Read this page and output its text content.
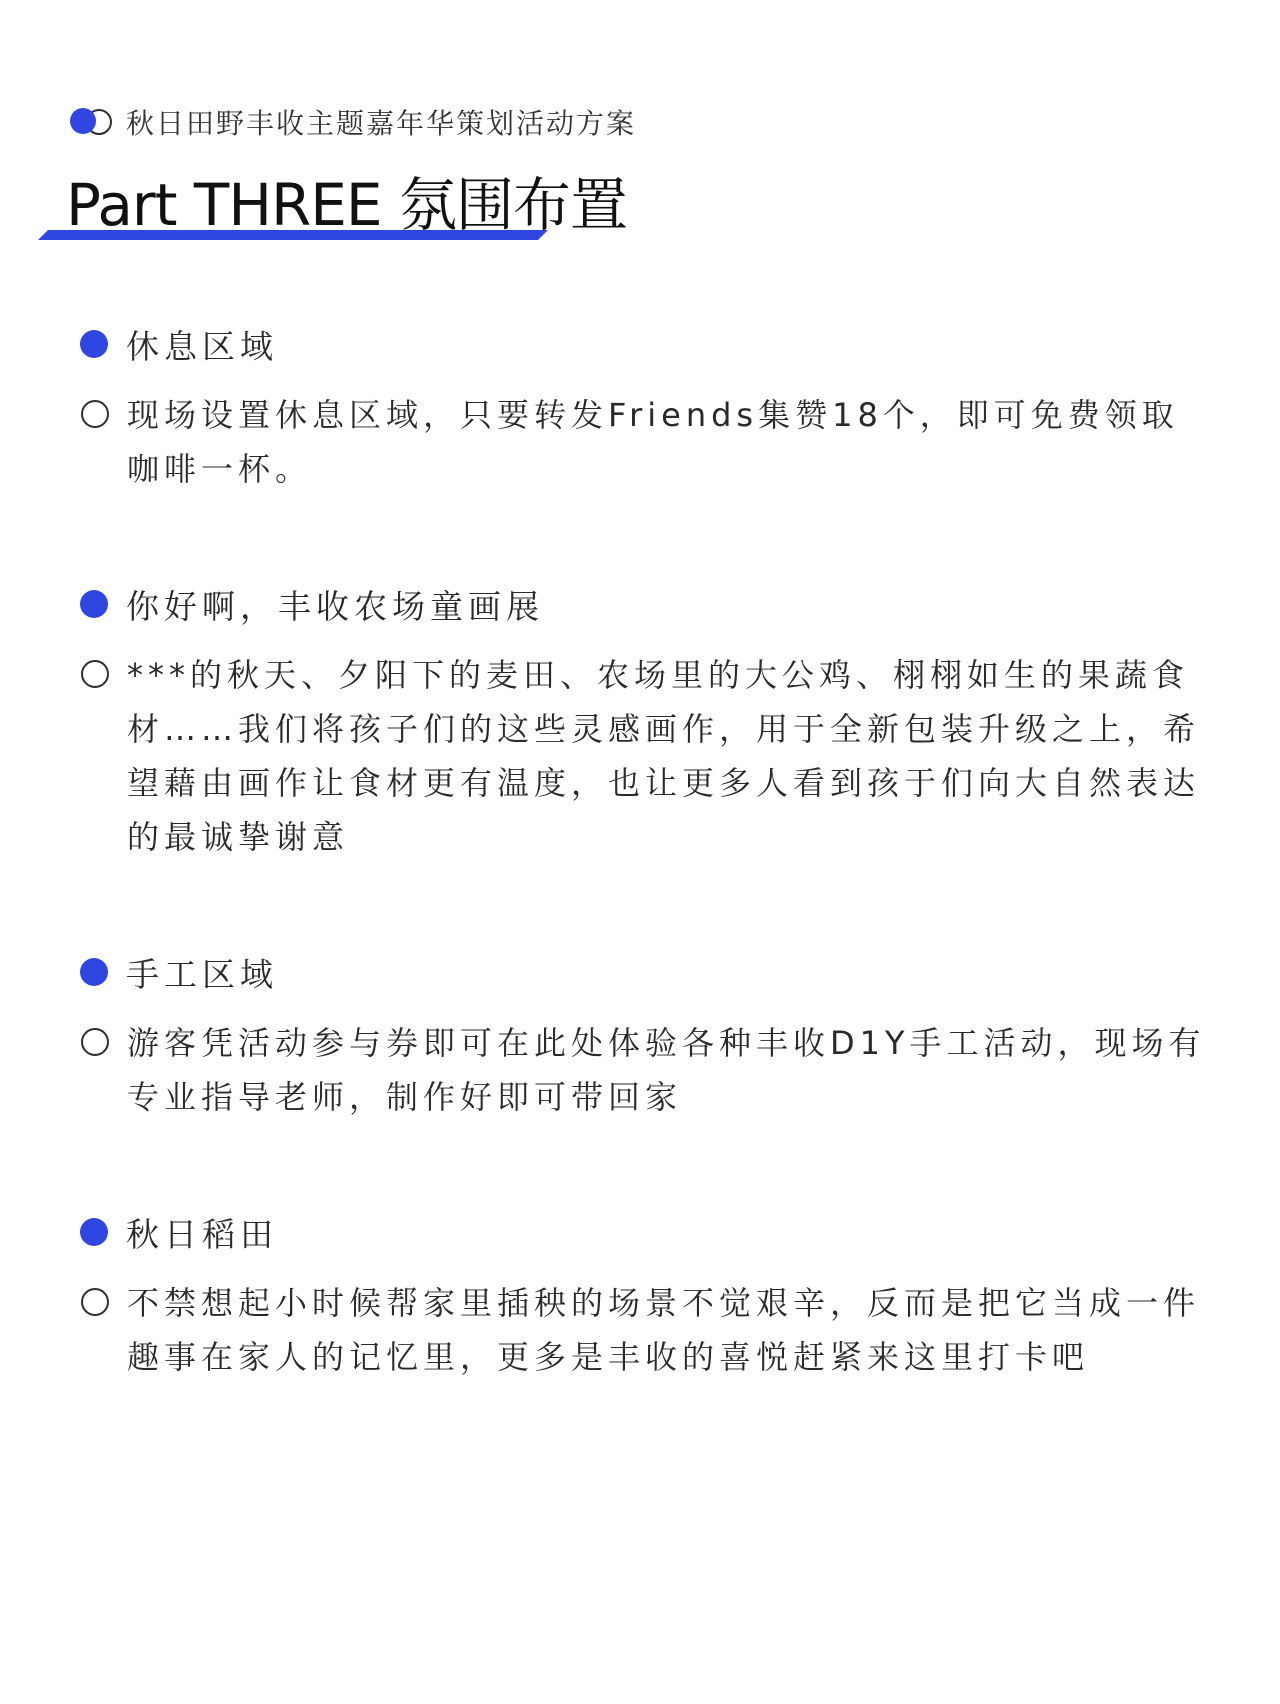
秋日田野丰收主题嘉年华策划活动方案
Part THREE 氛围布置
休息区域
现场设置休息区域，只要转发Friends集赞18个，即可免费领取咖啡一杯。
你好啊，丰收农场童画展
***的秋天、夕阳下的麦田、农场里的大公鸡、栩栩如生的果蔬食材……我们将孩子们的这些灵感画作，用于全新包装升级之上，希望藉由画作让食材更有温度，也让更多人看到孩于们向大自然表达的最诚挚谢意
手工区域
游客凭活动参与券即可在此处体验各种丰收D1Y手工活动，现场有专业指导老师，制作好即可带回家
秋日稻田
不禁想起小时候帮家里插秧的场景不觉艰辛，反而是把它当成一件趣事在家人的记忆里，更多是丰收的喜悦赶紧来这里打卡吧
